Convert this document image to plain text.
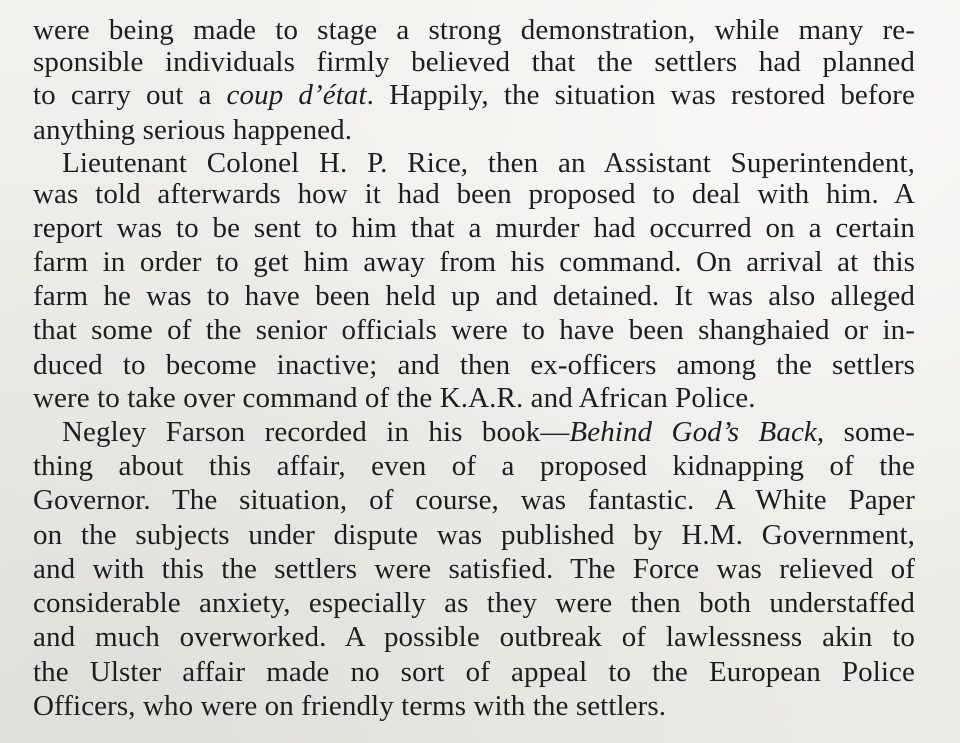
were being made to stage a strong demonstration, while many re-
sponsible individuals firmly believed that the settlers had planned
to carry out a coup d’état. Happily, the situation was restored before
anything serious happened.
Lieutenant Colonel H. P. Rice, then an Assistant Superintendent,
was told afterwards how it had been proposed to deal with him. A
report was to be sent to him that a murder had occurred on a certain
farm in order to get him away from his command. On arrival at this
farm he was to have been held up and detained. It was also alleged
that some of the senior officials were to have been shanghaied or in-
duced to become inactive; and then ex-officers among the settlers
were to take over command of the K.A.R. and African Police.
Negley Farson recorded in his book—Behind God’s Back, some-
thing about this affair, even of a proposed kidnapping of the
Governor. The situation, of course, was fantastic. A White Paper
on the subjects under dispute was published by H.M. Government,
and with this the settlers were satisfied. The Force was relieved of
considerable anxiety, especially as they were then both understaffed
and much overworked. A possible outbreak of lawlessness akin to
the Ulster affair made no sort of appeal to the European Police
Officers, who were on friendly terms with the settlers.
